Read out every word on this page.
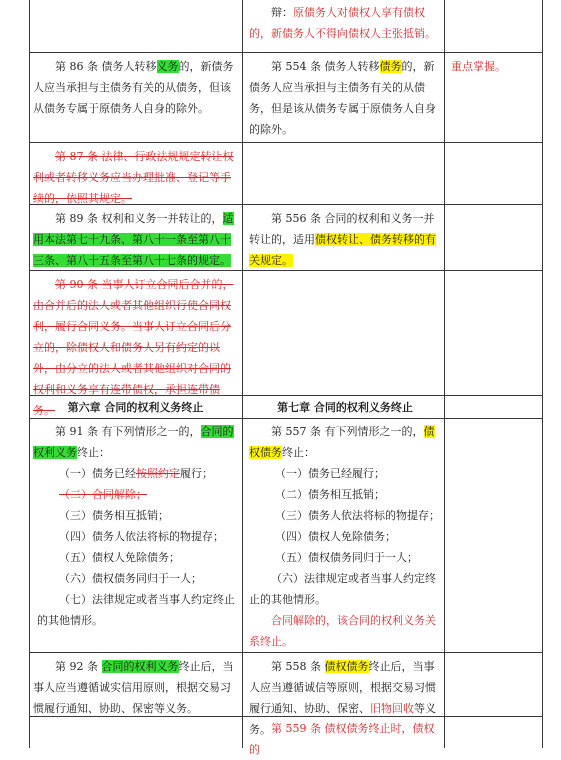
辩：原债务人对债权人享有债权的，新债务人不得向债权人主张抵销。
第 86 条 债务人转移义务的，新债务人应当承担与主债务有关的从债务，但该从债务专属于原债务人自身的除外。
第 554 条 债务人转移债务的，新债务人应当承担与主债务有关的从债务，但是该从债务专属于原债务人自身的除外。
重点掌握。
第 87 条 法律、行政法规规定转让权利或者转移义务应当办理批准、登记等手续的，依照其规定。
第 89 条 权利和义务一并转让的，适用本法第七十九条、第八十一条至第八十三条、第八十五条至第八十七条的规定。
第 556 条 合同的权利和义务一并转让的，适用债权转让、债务转移的有关规定。
第 90 条 当事人订立合同后合并的，由合并后的法人或者其他组织行使合同权利，履行合同义务。当事人订立合同后分立的，除债权人和债务人另有约定的以外，由分立的法人或者其他组织对合同的权利和义务享有连带债权，承担连带债务。	第六章 合同的权利义务终止	第七章 合同的权利义务终止
第 91 条 有下列情形之一的，合同的权利义务终止：
（一）债务已经按照约定履行；
（二）合同解除；
（三）债务相互抵销；
（四）债务人依法将标的物提存；
（五）债权人免除债务；
（六）债权债务同归于一人；
（七）法律规定或者当事人约定终止的其他情形。
第 557 条 有下列情形之一的，债权债务终止：
（一）债务已经履行；
（二）债务相互抵销；
（三）债务人依法将标的物提存；
（四）债权人免除债务；
（五）债权债务同归于一人；
（六）法律规定或者当事人约定终止的其他情形。
合同解除的，该合同的权利义务关系终止。
第 92 条 合同的权利义务终止后，当事人应当遵循诚实信用原则，根据交易习惯履行通知、协助、保密等义务。
第 558 条 债权债务终止后，当事人应当遵循诚信等原则，根据交易习惯履行通知、协助、保密、旧物回收等义务。 第 559 条 债权债务终止时，债权的
